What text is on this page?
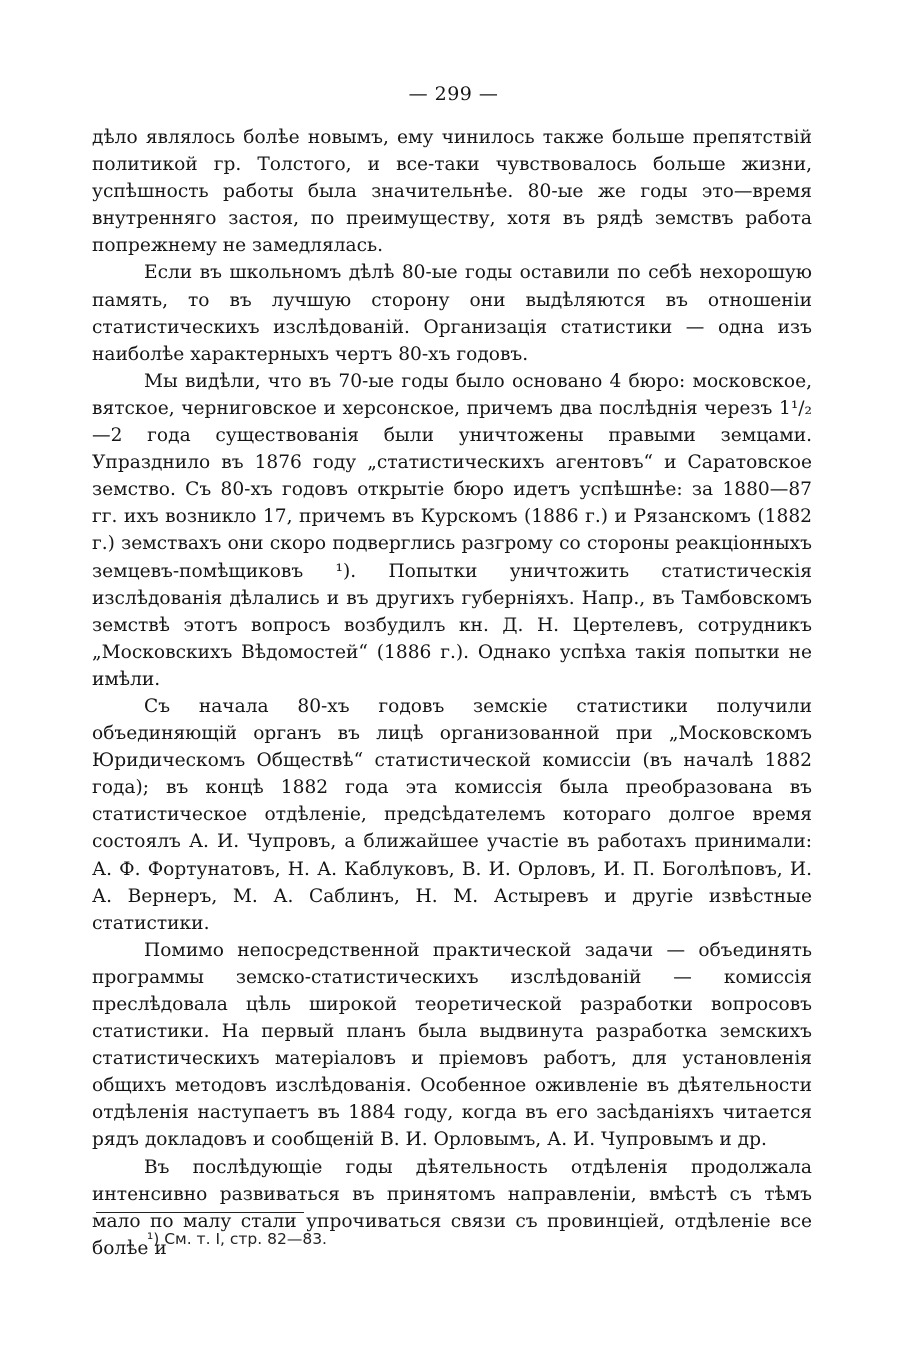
— 299 —

дѣло являлось болѣе новымъ, ему чинилось также больше препятствій политикой гр. Толстого, и все-таки чувствовалось больше жизни, успѣшность работы была значительнѣе. 80-ые же годы это—время внутренняго застоя, по преимуществу, хотя въ рядѣ земствъ работа попрежнему не замедлялась.

Если въ школьномъ дѣлѣ 80-ые годы оставили по себѣ нехорошую память, то въ лучшую сторону они выдѣляются въ отношеніи статистическихъ изслѣдованій. Организація статистики — одна изъ наиболѣе характерныхъ чертъ 80-хъ годовъ.

Мы видѣли, что въ 70-ые годы было основано 4 бюро: московское, вятское, черниговское и херсонское, причемъ два послѣднія черезъ 1¹/₂—2 года существованія были уничтожены правыми земцами. Упразднило въ 1876 году „статистическихъ агентовъ“ и Саратовское земство. Съ 80-хъ годовъ открытіе бюро идетъ успѣшнѣе: за 1880—87 гг. ихъ возникло 17, причемъ въ Курскомъ (1886 г.) и Рязанскомъ (1882 г.) земствахъ они скоро подверглись разгрому со стороны реакціонныхъ земцевъ-помѣщиковъ ¹). Попытки уничтожить статистическія изслѣдованія дѣлались и въ другихъ губерніяхъ. Напр., въ Тамбовскомъ земствѣ этотъ вопросъ возбудилъ кн. Д. Н. Цертелевъ, сотрудникъ „Московскихъ Вѣдомостей“ (1886 г.). Однако успѣха такія попытки не имѣли.

Съ начала 80-хъ годовъ земскіе статистики получили объединяющій органъ въ лицѣ организованной при „Московскомъ Юридическомъ Обществѣ“ статистической комиссіи (въ началѣ 1882 года); въ концѣ 1882 года эта комиссія была преобразована въ статистическое отдѣленіе, предсѣдателемъ котораго долгое время состоялъ А. И. Чупровъ, а ближайшее участіе въ работахъ принимали: А. Ф. Фортунатовъ, Н. А. Каблуковъ, В. И. Орловъ, И. П. Боголѣповъ, И. А. Вернеръ, М. А. Саблинъ, Н. М. Астыревъ и другіе извѣстные статистики.

Помимо непосредственной практической задачи — объединять программы земско-статистическихъ изслѣдованій — комиссія преслѣдовала цѣль широкой теоретической разработки вопросовъ статистики. На первый планъ была выдвинута разработка земскихъ статистическихъ матеріаловъ и пріемовъ работъ, для установленія общихъ методовъ изслѣдованія. Особенное оживленіе въ дѣятельности отдѣленія наступаетъ въ 1884 году, когда въ его засѣданіяхъ читается рядъ докладовъ и сообщеній В. И. Орловымъ, А. И. Чупровымъ и др.

Въ послѣдующіе годы дѣятельность отдѣленія продолжала интенсивно развиваться въ принятомъ направленіи, вмѣстѣ съ тѣмъ мало по малу стали упрочиваться связи съ провинціей, отдѣленіе все болѣе и

¹) См. т. I, стр. 82—83.
